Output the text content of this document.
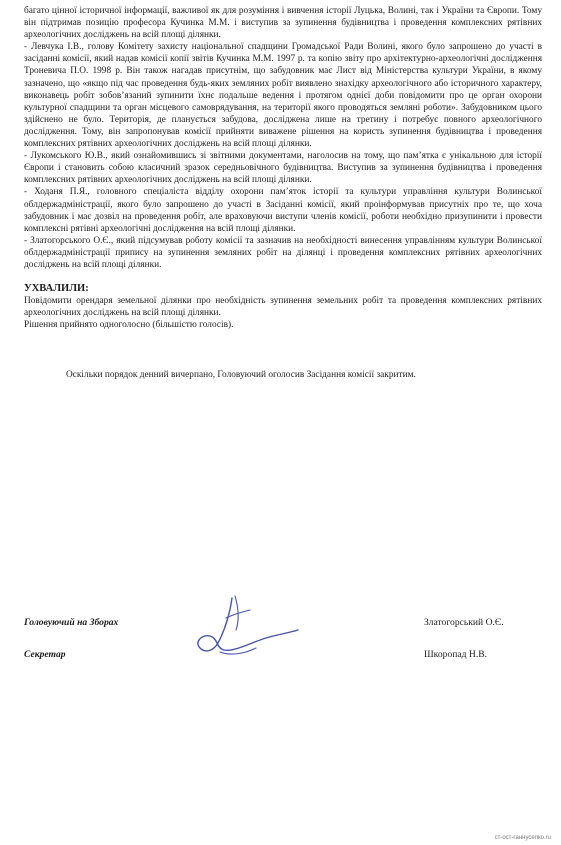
багато цінної історичної інформації, важливої як для розуміння і вивчення історії Луцька, Волині, так і України та Європи. Тому він підтримав позицію професора Кучинка М.М. і виступив за зупинення будівництва і проведення комплексних рятівних археологічних досліджень на всій площі ділянки.

- Левчука І.В., голову Комітету захисту національної спадщини Громадської Ради Волині, якого було запрошено до участі в засіданні комісії, який надав комісії копії звітів Кучинка М.М. 1997 р. та копію звіту про архітектурно-археологічні дослідження Троневича П.О. 1998 р. Він також нагадав присутнім, що забудовник має Лист від Міністерства культури України, в якому зазначено, що «якщо під час проведення будь-яких земляних робіт виявлено знахідку археологічного або історичного характеру, виконавець робіт зобов’язаний зупинити їхнє подальше ведення і протягом однієї доби повідомити про це орган охорони культурної спадщини та орган місцевого самоврядування, на території якого проводяться земляні роботи». Забудовником цього здійснено не було. Територія, де планується забудова, досліджена лише на третину і потребує повного археологічного дослідження. Тому, він запропонував комісії прийняти виважене рішення на користь зупинення будівництва і проведення комплексних рятівних археологічних досліджень на всій площі ділянки.

- Лукомського Ю.В., який ознайомившись зі звітними документами, наголосив на тому, що пам’ятка є унікальною для історії Європи і становить собою класичний зразок середньовічного будівництва. Виступив за зупинення будівництва і проведення комплексних рятівних археологічних досліджень на всій площі ділянки.

- Ходаня П.Я., головного спеціаліста відділу охорони пам’яток історії та культури управління культури Волинської облдержадміністрації, якого було запрошено до участі в Засіданні комісії, який проінформував присутніх про те, що хоча забудовник і має дозвіл на проведення робіт, але враховуючи виступи членів комісії, роботи необхідно призупинити і провести комплексні рятівні археологічні дослідження на всій площі ділянки.

- Златогорського О.Є., який підсумував роботу комісії та зазначив на необхідності винесення управлінням культури Волинської облдержадміністрації припису на зупинення земляних робіт на ділянці і проведення комплексних рятівних археологічних досліджень на всій площі ділянки.

УХВАЛИЛИ:

Повідомити орендаря земельної ділянки про необхідність зупинення земельних робіт та проведення комплексних рятівних археологічних досліджень на всій площі ділянки.

Рішення прийнято одноголосно (більшістю голосів).

Оскільки порядок денний вичерпано, Головуючий оголосив Засідання комісії закритим.

Головуючий на Зборах	Златогорський О.Є.
Секретар	Шкоропад Н.В.
ст-ост-ганнусепко.ru
